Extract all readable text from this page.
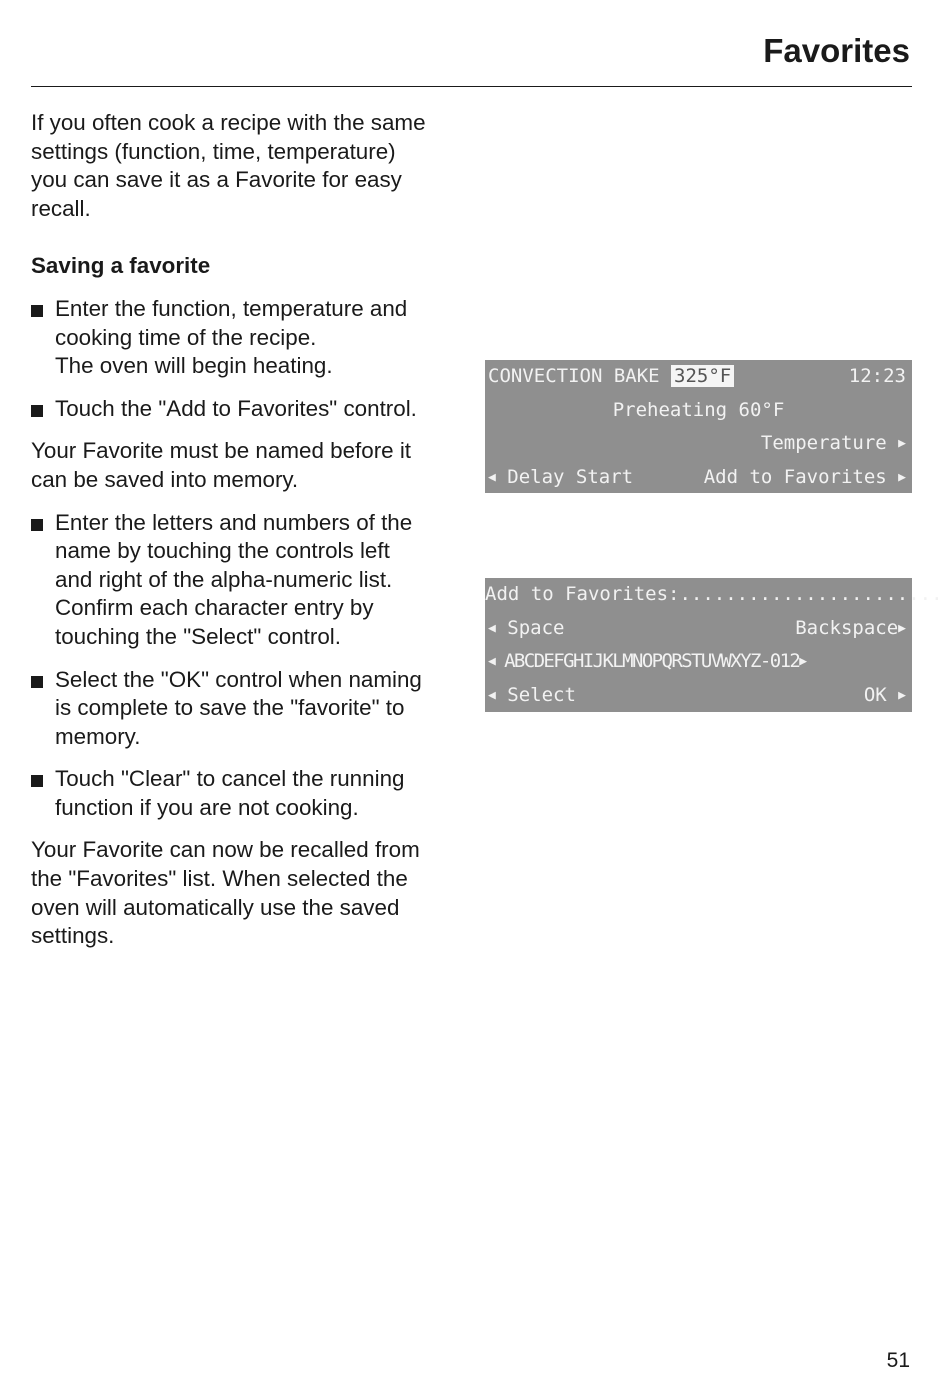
Favorites

If you often cook a recipe with the same
settings (function, time, temperature)
you can save it as a Favorite for easy
recall.

Saving a favorite

Enter the function, temperature and
cooking time of the recipe.
The oven will begin heating.
Touch the "Add to Favorites" control.

Your Favorite must be named before it
can be saved into memory.

Enter the letters and numbers of the
name by touching the controls left
and right of the alpha-numeric list.
Confirm each character entry by
touching the "Select" control.
Select the "OK" control when naming
is complete to save the "favorite" to
memory.
Touch "Clear" to cancel the running
function if you are not cooking.

Your Favorite can now be recalled from
the "Favorites" list. When selected the
oven will automatically use the saved
settings.

CONVECTION BAKE 325°F	12:23
Preheating 60°F
Temperature ▶
◀ Delay Start	Add to Favorites ▶
Add to Favorites:.......................
◀ Space	Backspace▶
◀ ABCDEFGHIJKLMNOPQRSTUVWXYZ-012▶
◀ Select	OK ▶
51
